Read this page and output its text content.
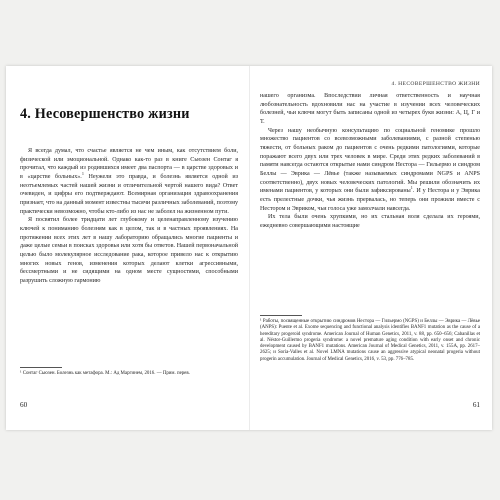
4. Несовершенство жизни

Я всегда думал, что счастье является не чем иным, как отсутствием боли, физической или эмоциональной. Однако как-то раз в книге Сьюзен Сонтаг я прочитал, что каждый из родившихся имеет два паспорта — в царстве здоровых и в «царстве больных».$^1$ Неужели это правда, и болезнь является одной из неотъемлемых частей нашей жизни и отличительной чертой нашего вида? Ответ очевиден, и цифры его подтверждают. Всемирная организация здравоохранения признает, что на данный момент известны тысячи различных заболеваний, поэтому практически невозможно, чтобы кто-либо из нас не заболел на жизненном пути.

Я посвятил более тридцати лет глубокому и целенаправленному изучению ключей к пониманию болезням как в целом, так и в частных проявлениях. На протяжении всех этих лет в нашу лабораторию обращались многие пациенты и даже целые семьи в поисках здоровья или хотя бы ответов. Нашей первоначальной целью было молекулярное исследование рака, которое привело нас к открытию многих новых генов, изменения которых делают клетки агрессивными, бессмертными и не сидящими на одном месте сущностями, способными разрушить сложную гармонию

¹ Сонтаг Сьюзен. Болезнь как метафора. М.: Ад Маргинем, 2016. — Прим. перев.
60
4. НЕСОВЕРШЕНСТВО ЖИЗНИ

нашего организма. Впоследствии личная ответственность и научная любознательность вдохновили нас на участие в изучении всех человеческих болезней, чьи ключи могут быть записаны одной из четырех букв жизни: А, Ц, Г и Т.

Через нашу необычную консультацию по социальной геномике прошло множество пациентов со всевозможными заболеваниями, с разной степенью тяжести, от больных раком до пациентов с очень редкими патологиями, которые поражают всего двух или трех человек в мире. Среди этих редких заболеваний в памяти навсегда остаются открытые нами синдром Нестора — Гильермо и синдром Беллы — Эврика — Лёвье (также называемых синдромами NGPS и ANPS соответственно), двух новых человеческих патологий. Мы решили обозначить их именами пациентов, у которых они были зафиксированы$^1$. И у Нестора и у Эврика есть прелестные дочки, чья жизнь прервалась, но теперь они прожили вместе с Нестором и Эвриком, чьи голоса уже замолчали навсегда.

Их тела были очень хрупкими, но их стальная воля сделала их героями, ежедневно совершающими настоящие

¹ Работы, посвященные открытию синдромов Нестора — Гильермо (NGPS) и Беллы — Эврика — Лёвье (ANPS): Puente et al. Exome sequencing and functional analysis identifies BANF1 mutation as the cause of a hereditary progeroid syndrome. American Journal of Human Genetics, 2011, v. 88, pp. 650–656; Cabanillas et al. Néstor-Guillermo progeria syndrome: a novel premature aging condition with early onset and chronic development caused by BANF1 mutations. American Journal of Medical Genetics, 2011, v. 155A, pp. 2617–2625; и Soria-Valles et al. Novel LMNA mutations cause an aggressive atypical neonatal progeria without progerin accumulation. Journal of Medical Genetics, 2016, v. 53, pp. 776–785.
61
